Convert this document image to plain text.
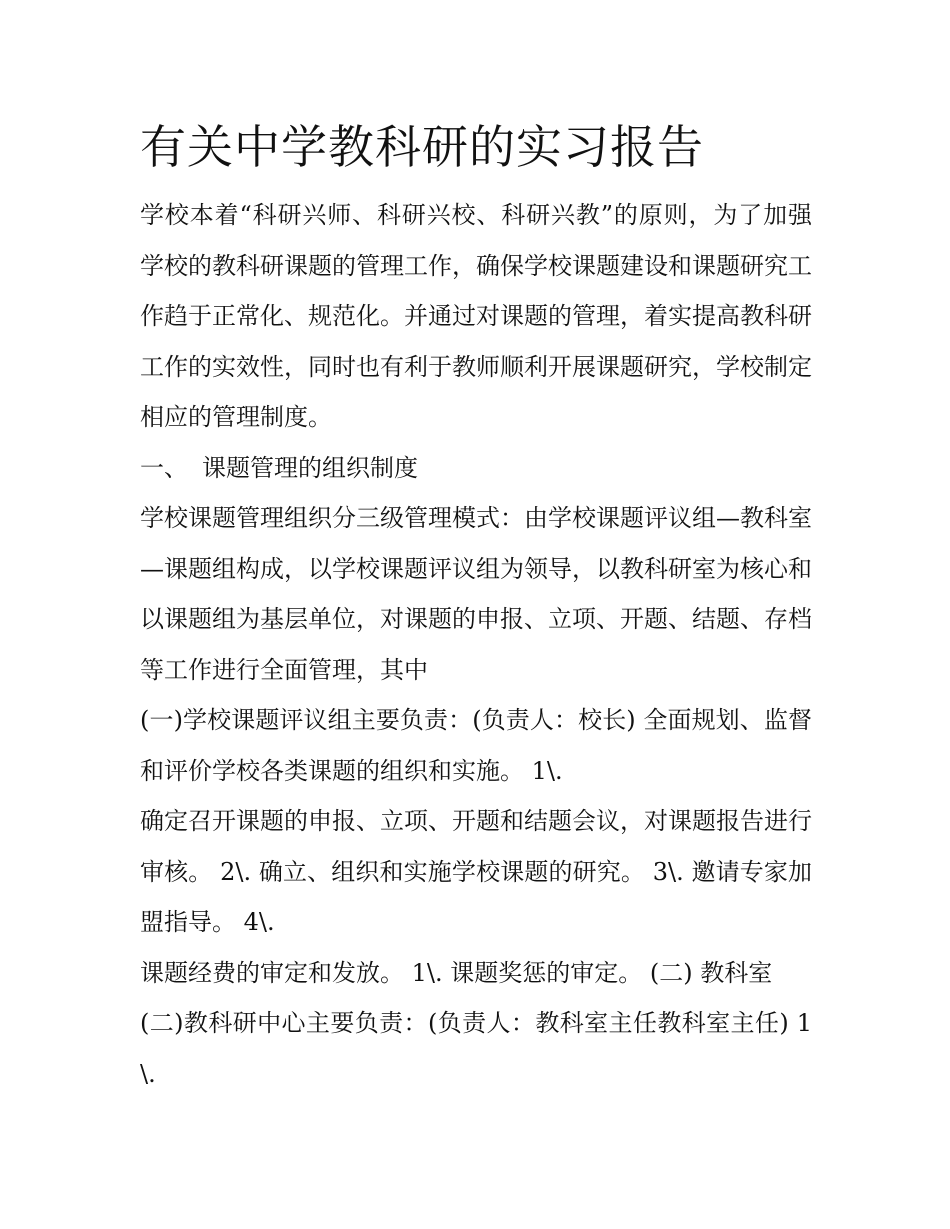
有关中学教科研的实习报告

学校本着“科研兴师、科研兴校、科研兴教”的原则，为了加强学校的教科研课题的管理工作，确保学校课题建设和课题研究工作趋于正常化、规范化。并通过对课题的管理，着实提高教科研工作的实效性，同时也有利于教师顺利开展课题研究，学校制定相应的管理制度。

一、 课题管理的组织制度

学校课题管理组织分三级管理模式：由学校课题评议组—教科室—课题组构成，以学校课题评议组为领导，以教科研室为核心和以课题组为基层单位，对课题的申报、立项、开题、结题、存档等工作进行全面管理，其中

(一)学校课题评议组主要负责：(负责人：校长) 全面规划、监督和评价学校各类课题的组织和实施。 1\.

确定召开课题的申报、立项、开题和结题会议，对课题报告进行审核。 2\. 确立、组织和实施学校课题的研究。 3\. 邀请专家加盟指导。 4\.

课题经费的审定和发放。 1\. 课题奖惩的审定。 (二) 教科室

(二)教科研中心主要负责：(负责人：教科室主任教科室主任) 1\.
